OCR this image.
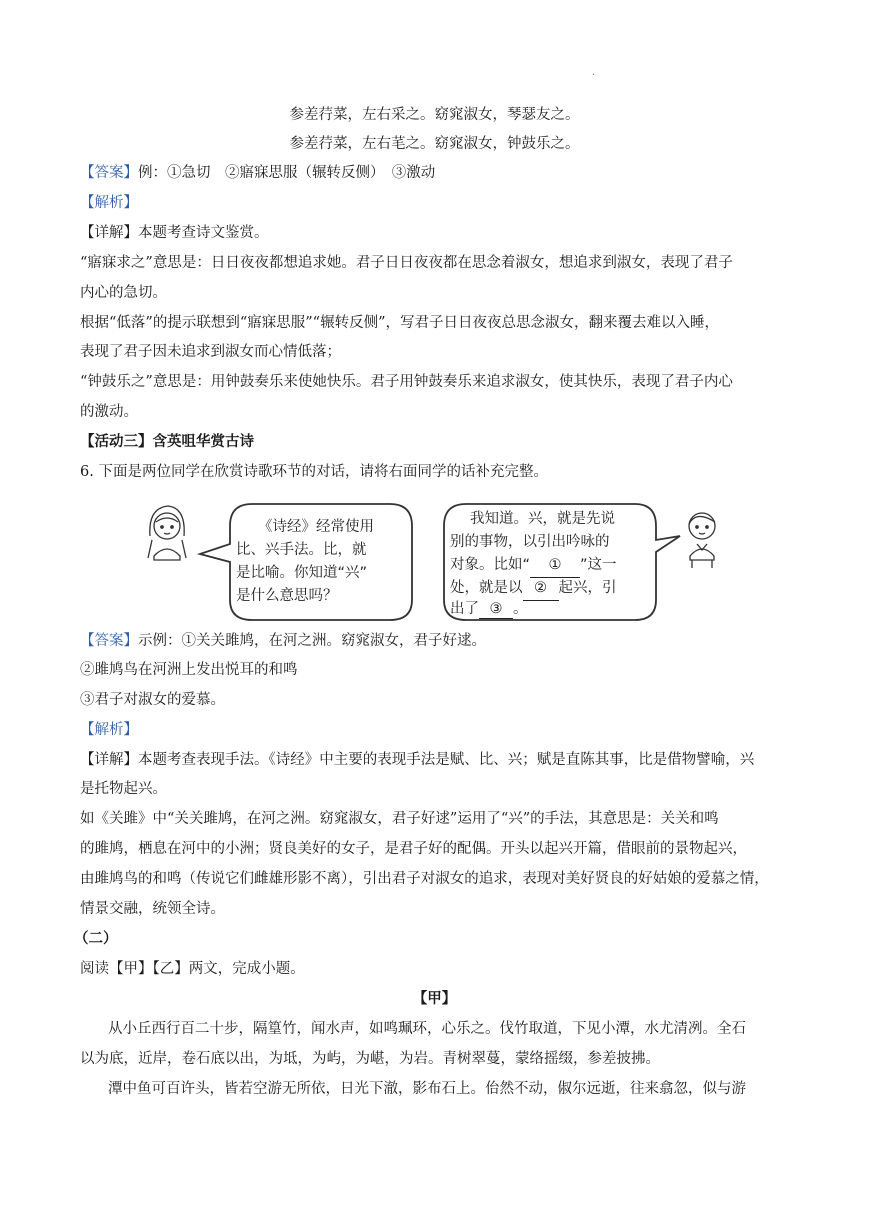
·
参差荇菜，左右采之。窈窕淑女，琴瑟友之。
参差荇菜，左右芼之。窈窕淑女，钟鼓乐之。
【答案】例：①急切　②寤寐思服（辗转反侧）　③激动
【解析】
【详解】本题考查诗文鉴赏。
“寤寐求之”意思是：日日夜夜都想追求她。君子日日夜夜都在思念着淑女，想追求到淑女，表现了君子
内心的急切。
根据“低落”的提示联想到“寤寐思服”“辗转反侧”，写君子日日夜夜总思念淑女，翻来覆去难以入睡，
表现了君子因未追求到淑女而心情低落；
“钟鼓乐之”意思是：用钟鼓奏乐来使她快乐。君子用钟鼓奏乐来追求淑女，使其快乐，表现了君子内心
的激动。
【活动三】含英咀华赏古诗
6. 下面是两位同学在欣赏诗歌环节的对话，请将右面同学的话补充完整。
《诗经》经常使用
比、兴手法。比，就
是比喻。你知道“兴”
是什么意思吗？
我知道。兴，就是先说
别的事物，以引出吟咏的
对象。比如“ ① ”这一
处，就是以 ② 起兴，引
出了 ③ 。
【答案】示例：①关关雎鸠，在河之洲。窈窕淑女，君子好逑。
②雎鸠鸟在河洲上发出悦耳的和鸣
③君子对淑女的爱慕。
【解析】
【详解】本题考查表现手法。《诗经》中主要的表现手法是赋、比、兴；赋是直陈其事，比是借物譬喻，兴
是托物起兴。
如《关雎》中“关关雎鸠，在河之洲。窈窕淑女，君子好逑”运用了“兴”的手法，其意思是：关关和鸣
的雎鸠，栖息在河中的小洲；贤良美好的女子，是君子好的配偶。开头以起兴开篇，借眼前的景物起兴，
由雎鸠鸟的和鸣（传说它们雌雄形影不离），引出君子对淑女的追求，表现对美好贤良的好姑娘的爱慕之情，
情景交融，统领全诗。
（二）
阅读【甲】【乙】两文，完成小题。
【甲】
从小丘西行百二十步，隔篁竹，闻水声，如鸣珮环，心乐之。伐竹取道，下见小潭，水尤清冽。全石
以为底，近岸，卷石底以出，为坻，为屿，为嵁，为岩。青树翠蔓，蒙络摇缀，参差披拂。
潭中鱼可百许头，皆若空游无所依，日光下澈，影布石上。佁然不动，俶尔远逝，往来翕忽，似与游
